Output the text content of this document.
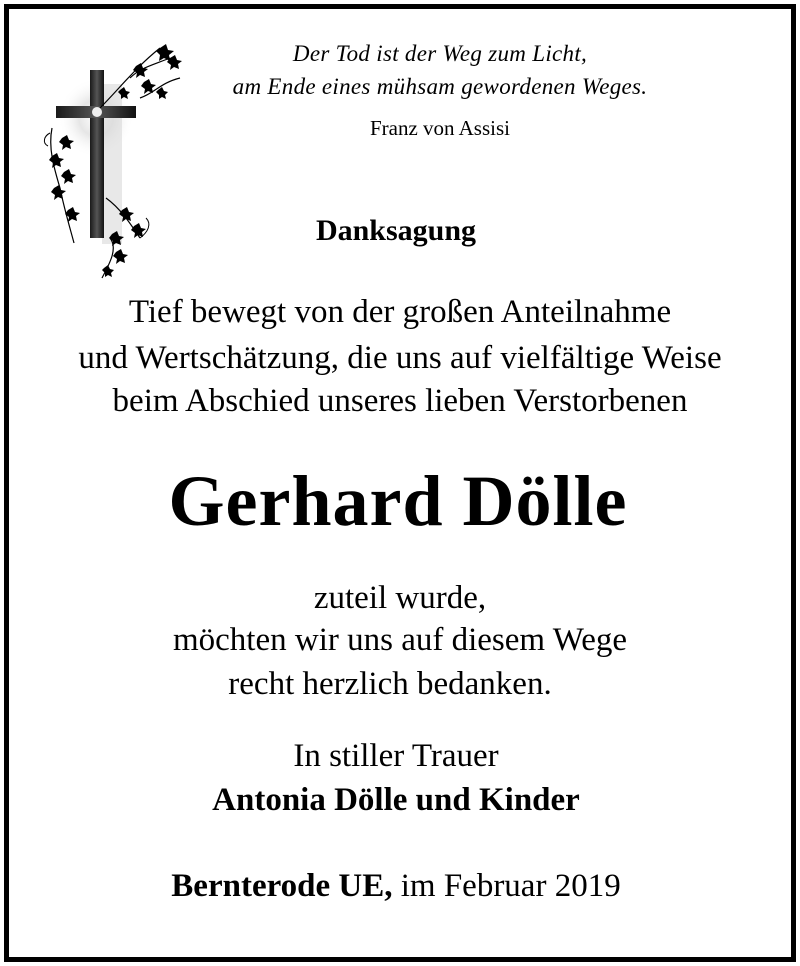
Der Tod ist der Weg zum Licht,
am Ende eines mühsam gewordenen Weges.
Franz von Assisi
Danksagung
Tief bewegt von der großen Anteilnahme
und Wertschätzung, die uns auf vielfältige Weise
beim Abschied unseres lieben Verstorbenen
Gerhard Dölle
zuteil wurde,
möchten wir uns auf diesem Wege
recht herzlich bedanken.
In stiller Trauer
Antonia Dölle und Kinder
Bernterode UE, im Februar 2019
